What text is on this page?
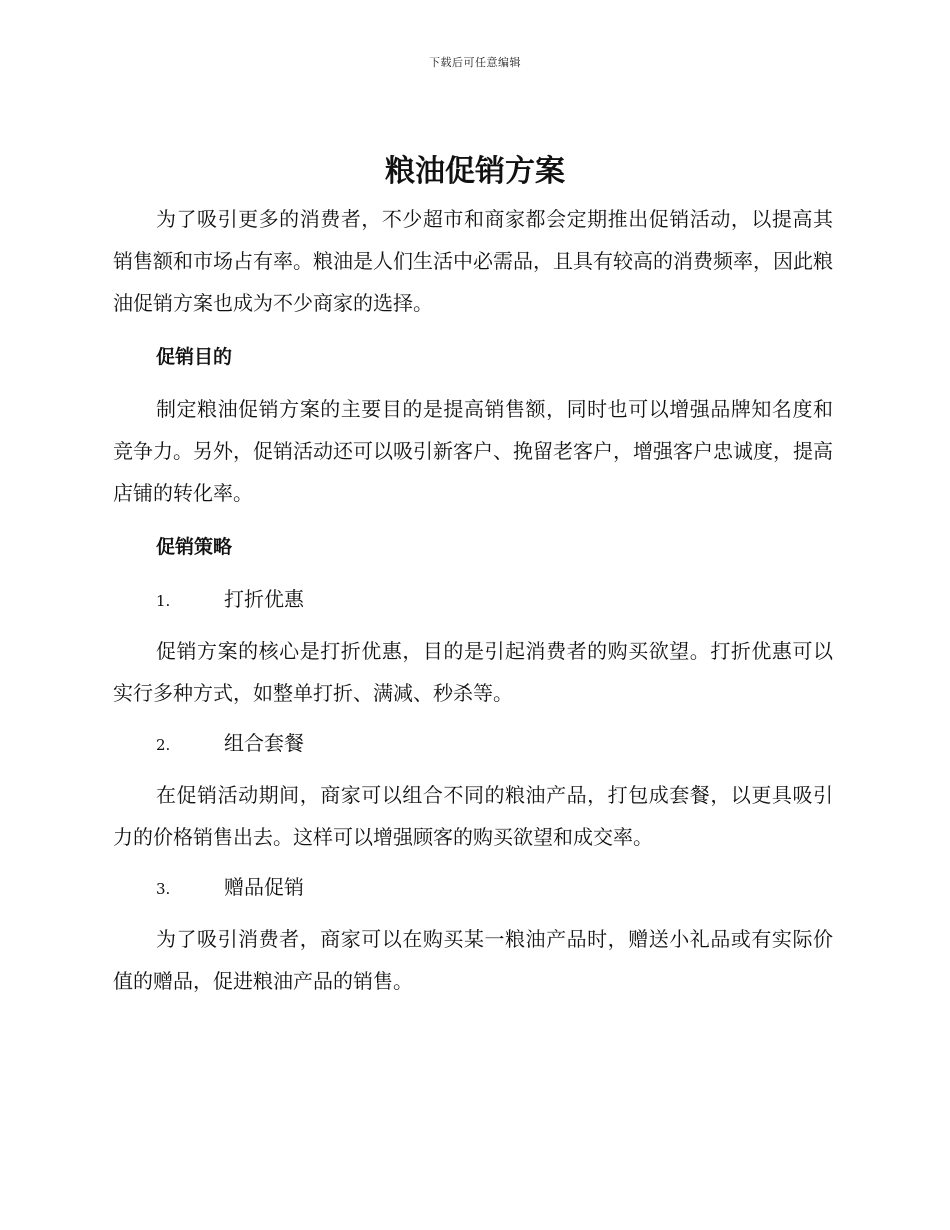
下载后可任意编辑
粮油促销方案

为了吸引更多的消费者，不少超市和商家都会定期推出促销活动，以提高其销售额和市场占有率。粮油是人们生活中必需品，且具有较高的消费频率，因此粮油促销方案也成为不少商家的选择。

促销目的

制定粮油促销方案的主要目的是提高销售额，同时也可以增强品牌知名度和竞争力。另外，促销活动还可以吸引新客户、挽留老客户，增强客户忠诚度，提高店铺的转化率。

促销策略
1.	打折优惠

促销方案的核心是打折优惠，目的是引起消费者的购买欲望。打折优惠可以实行多种方式，如整单打折、满减、秒杀等。

2.	组合套餐

在促销活动期间，商家可以组合不同的粮油产品，打包成套餐，以更具吸引力的价格销售出去。这样可以增强顾客的购买欲望和成交率。

3.	赠品促销

为了吸引消费者，商家可以在购买某一粮油产品时，赠送小礼品或有实际价值的赠品，促进粮油产品的销售。
